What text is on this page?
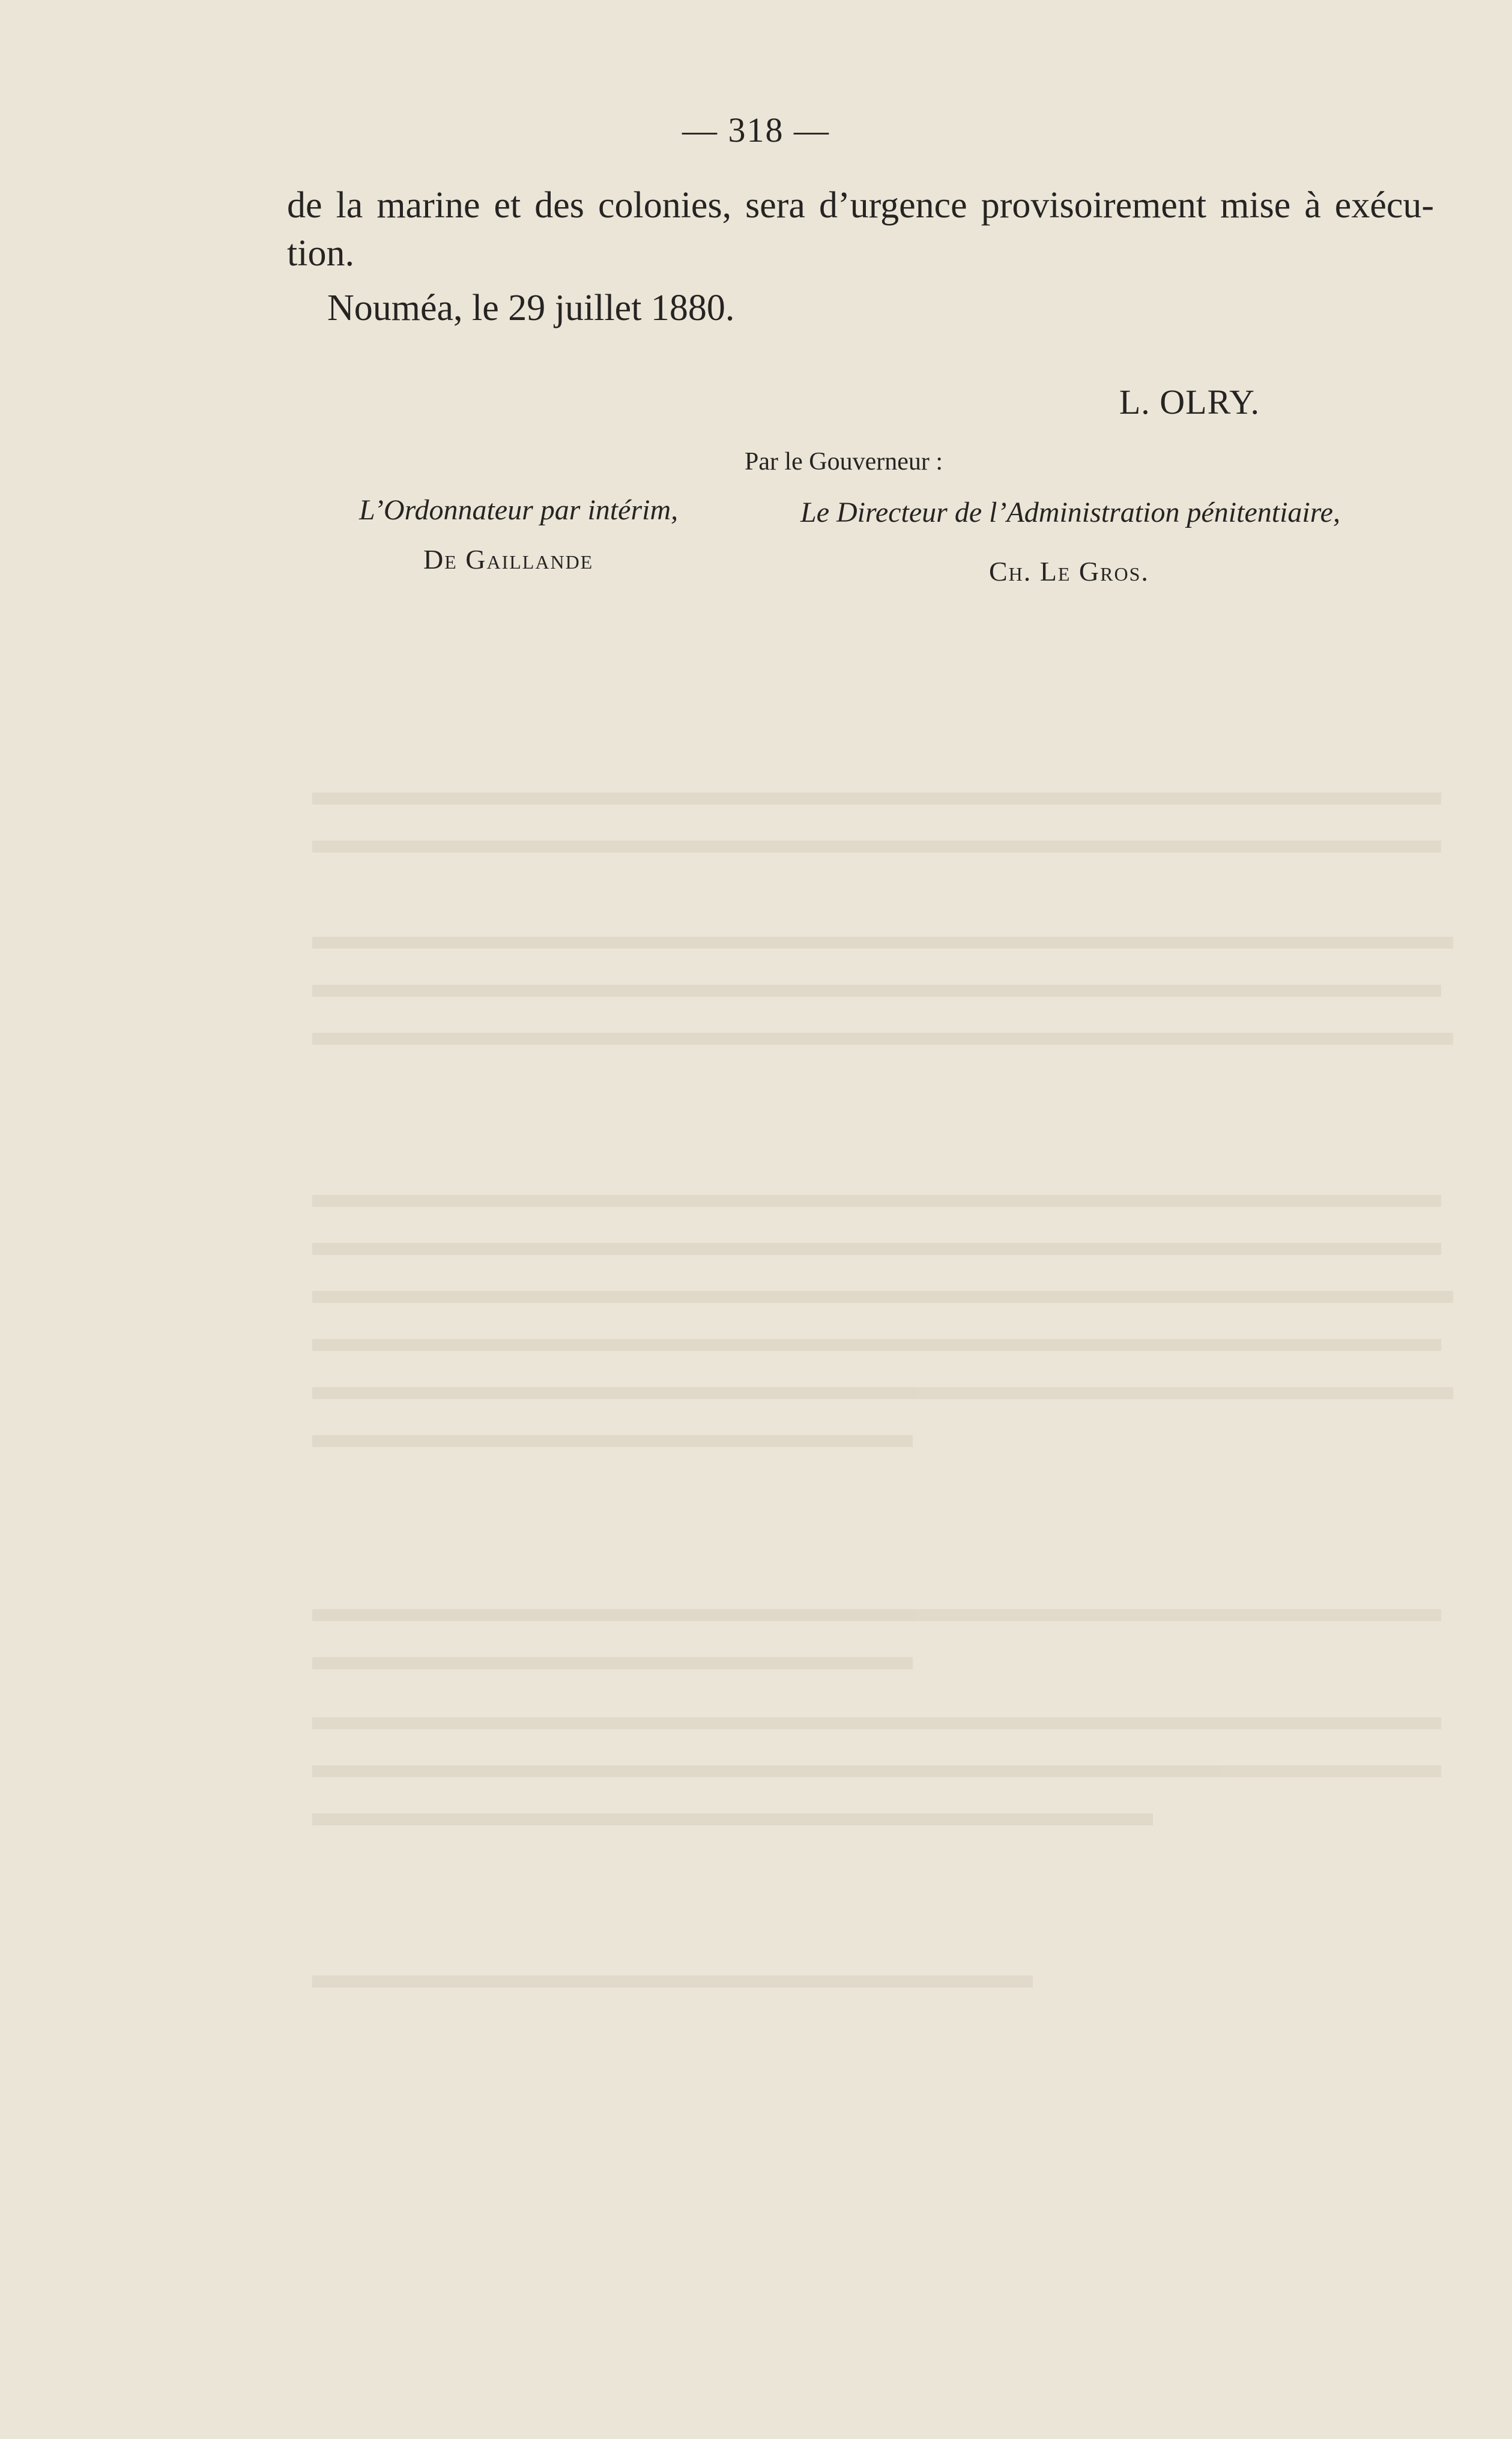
— 318 —

de la marine et des colonies, sera d’urgence provisoirement mise à exécu-

tion.

Nouméa, le 29 juillet 1880.
L. OLRY.
Par le Gouverneur :
L’Ordonnateur par intérim,
De Gaillande
Le Directeur de l’Administration pénitentiaire,
Ch. Le Gros.
